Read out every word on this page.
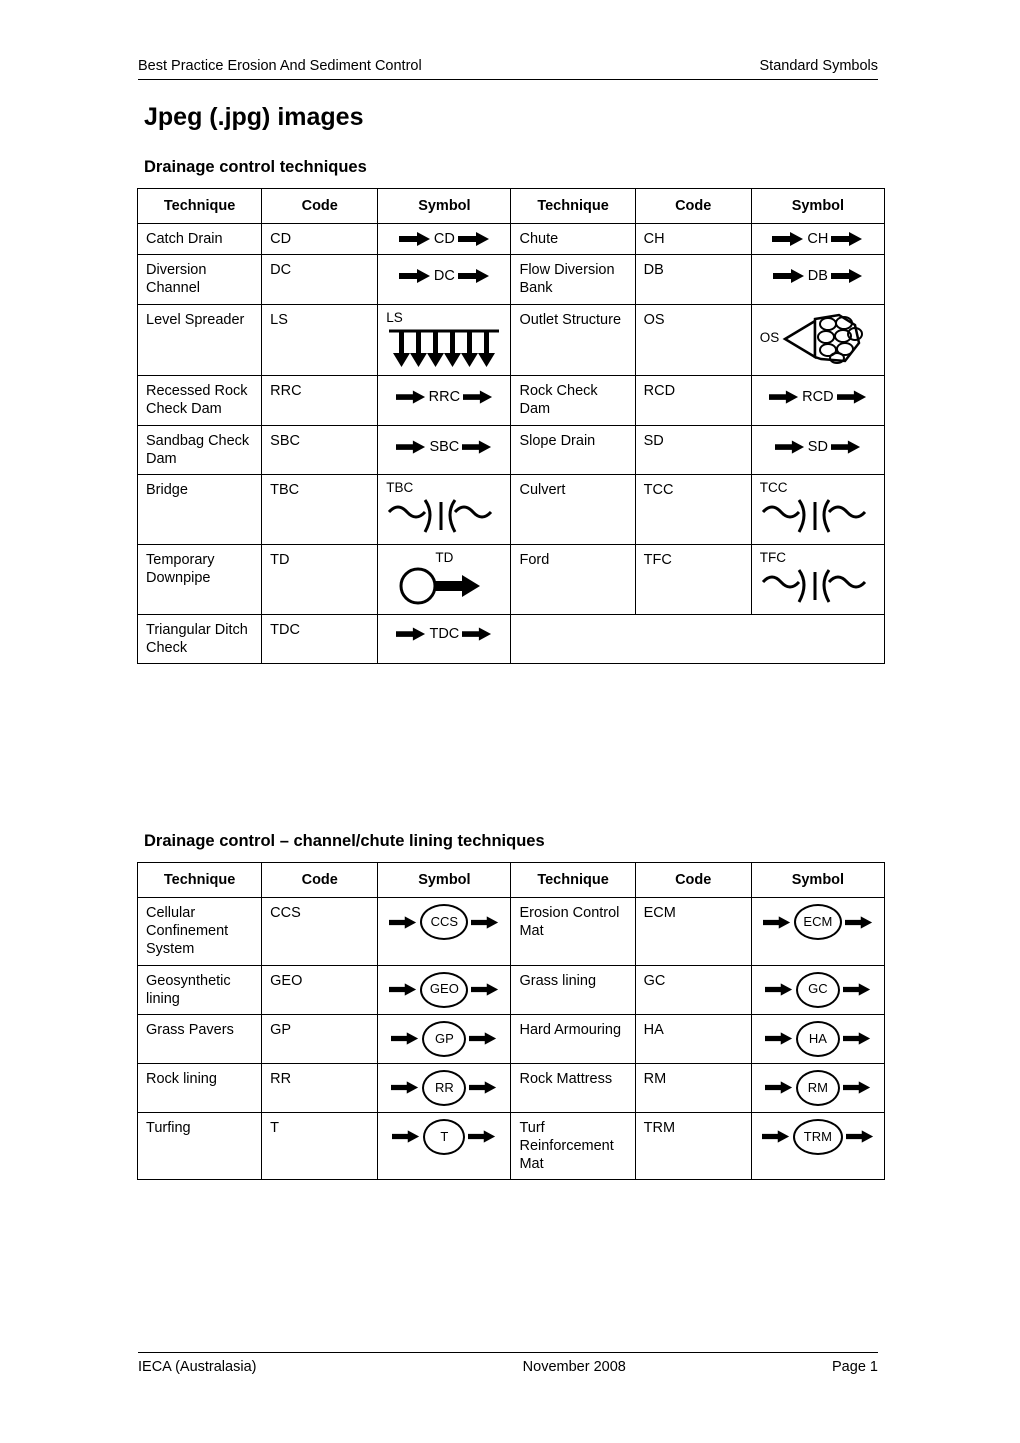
Best Practice Erosion And Sediment Control	Standard Symbols
Jpeg (.jpg) images
Drainage control techniques
Technique	Code	Symbol	Technique	Code	Symbol
Catch Drain	CD	CD	Chute	CH	CH

Diversion Channel	DC	DC	Flow Diversion Bank	DB	DB

Level Spreader	LS	LS	Outlet Structure	OS	OS

Recessed Rock Check Dam	RRC	RRC	Rock Check Dam	RCD	RCD

Sandbag Check Dam	SBC	SBC	Slope Drain	SD	SD

Bridge	TBC	TBC	Culvert	TCC	TCC

Temporary Downpipe	TD	TD	Ford	TFC	TFC

Triangular Ditch Check	TDC	TDC			

Drainage control – channel/chute lining techniques
Technique	Code	Symbol	Technique	Code	Symbol
Cellular Confinement System	CCS	CCS	Erosion Control Mat	ECM	ECM

Geosynthetic lining	GEO	GEO	Grass lining	GC	GC

Grass Pavers	GP	GP	Hard Armouring	HA	HA

Rock lining	RR	RR	Rock Mattress	RM	RM

Turfing	T	T	Turf Reinforcement Mat	TRM	TRM
IECA (Australasia)	November 2008	Page 1
